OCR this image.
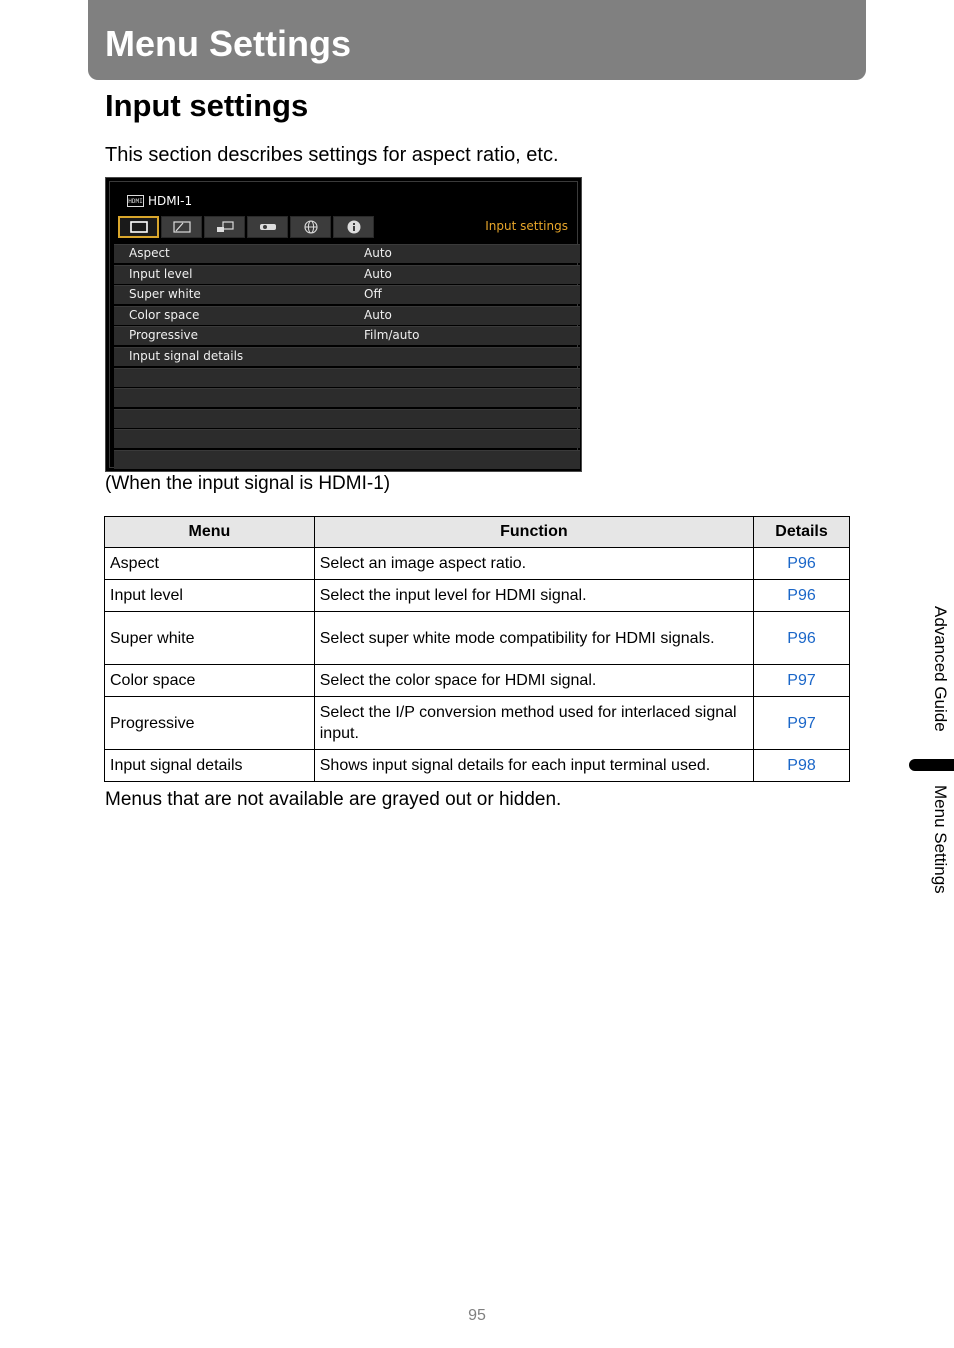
Menu Settings
Input settings
This section describes settings for aspect ratio, etc.
HDMI HDMI-1
Input settings
Aspect	Auto
Input level	Auto
Super white	Off
Color space	Auto
Progressive	Film/auto
Input signal details
(When the input signal is HDMI-1)
Menu	Function	Details
Aspect	Select an image aspect ratio.	P96
Input level	Select the input level for HDMI signal.	P96
Super white	Select super white mode compatibility for HDMI signals.	P96
Color space	Select the color space for HDMI signal.	P97
Progressive	Select the I/P conversion method used for interlaced signal input.	P97
Input signal details	Shows input signal details for each input terminal used.	P98
Menus that are not available are grayed out or hidden.
Advanced Guide
Menu Settings
95
